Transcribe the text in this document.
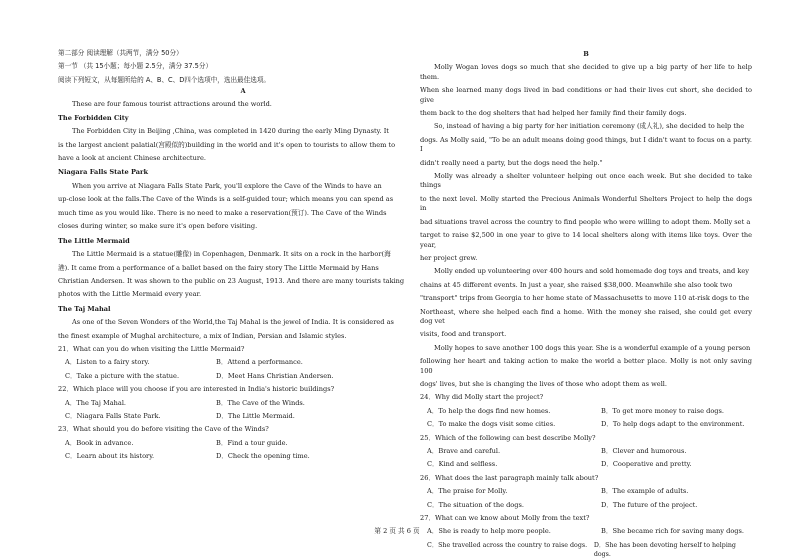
第二部分 阅读理解（共两节，满分 50分）

第一节 （共 15小题；每小题 2.5分，满分 37.5分）

阅读下列短文，从每题所给的 A、B、C、D四个选项中，选出最佳选项。

A

These are four famous tourist attractions around the world.

The Forbidden City

The Forbidden City in Beijing ,China, was completed in 1420 during the early Ming Dynasty. It

is the largest ancient palatial(宫殿似的)building in the world and it's open to tourists to allow them to

have a look at ancient Chinese architecture.

Niagara Falls State Park

When you arrive at Niagara Falls State Park, you'll explore the Cave of the Winds to have an

up-close look at the falls.The Cave of the Winds is a self-guided tour; which means you can spend as

much time as you would like. There is no need to make a reservation(预订). The Cave of the Winds

closes during winter, so make sure it's open before visiting.

The Little Mermaid

The Little Mermaid is a statue(雕像) in Copenhagen, Denmark. It sits on a rock in the harbor(海

港). It came from a performance of a ballet based on the fairy story The Little Mermaid by Hans

Christian Andersen. It was shown to the public on 23 August, 1913. And there are many tourists taking

photos with the Little Mermaid every year.

The Taj Mahal

As one of the Seven Wonders of the World,the Taj Mahal is the jewel of India. It is considered as

the finest example of Mughal architecture, a mix of Indian, Persian and Islamic styles.

21．What can you do when visiting the Little Mermaid?

A．Listen to a fairy story.	B．Attend a performance.
C．Take a picture with the statue.	D．Meet Hans Christian Andersen.

22．Which place will you choose if you are interested in India's historic buildings?

A．The Taj Mahal.	B．The Cave of the Winds.
C．Niagara Falls State Park.	D．The Little Mermaid.

23．What should you do before visiting the Cave of the Winds?

A．Book in advance.	B．Find a tour guide.
C．Learn about its history.	D．Check the opening time.

B

Molly Wogan loves dogs so much that she decided to give up a big party of her life to help them.

When she learned many dogs lived in bad conditions or had their lives cut short, she decided to give

them back to the dog shelters that had helped her family find their family dogs.

So, instead of having a big party for her initiation ceremony (成人礼), she decided to help the

dogs. As Molly said, "To be an adult means doing good things, but I didn't want to focus on a party. I

didn't really need a party, but the dogs need the help."

Molly was already a shelter volunteer helping out once each week. But she decided to take things

to the next level. Molly started the Precious Animals Wonderful Shelters Project to help the dogs in

bad situations travel across the country to find people who were willing to adopt them. Molly set a

target to raise $2,500 in one year to give to 14 local shelters along with items like toys. Over the year,

her project grew.

Molly ended up volunteering over 400 hours and sold homemade dog toys and treats, and key

chains at 45 different events. In just a year, she raised $38,000. Meanwhile she also took two

"transport" trips from Georgia to her home state of Massachusetts to move 110 at-risk dogs to the

Northeast, where she helped each find a home. With the money she raised, she could get every dog vet

visits, food and transport.

Molly hopes to save another 100 dogs this year. She is a wonderful example of a young person

following her heart and taking action to make the world a better place. Molly is not only saving 100

dogs' lives, but she is changing the lives of those who adopt them as well.

24．Why did Molly start the project?

A．To help the dogs find new homes.	B．To get more money to raise dogs.
C．To make the dogs visit some cities.	D．To help dogs adapt to the environment.

25．Which of the following can best describe Molly?

A．Brave and careful.	B．Clever and humorous.
C．Kind and selfless.	D．Cooperative and pretty.

26．What does the last paragraph mainly talk about?

A．The praise for Molly.	B．The example of adults.
C．The situation of the dogs.	D．The future of the project.

27．What can we know about Molly from the text?

A．She is ready to help more people.	B．She became rich for saving many dogs.
C．She travelled across the country to raise dogs.	D．She has been devoting herself to helping dogs.
第 2 页 共 6 页
